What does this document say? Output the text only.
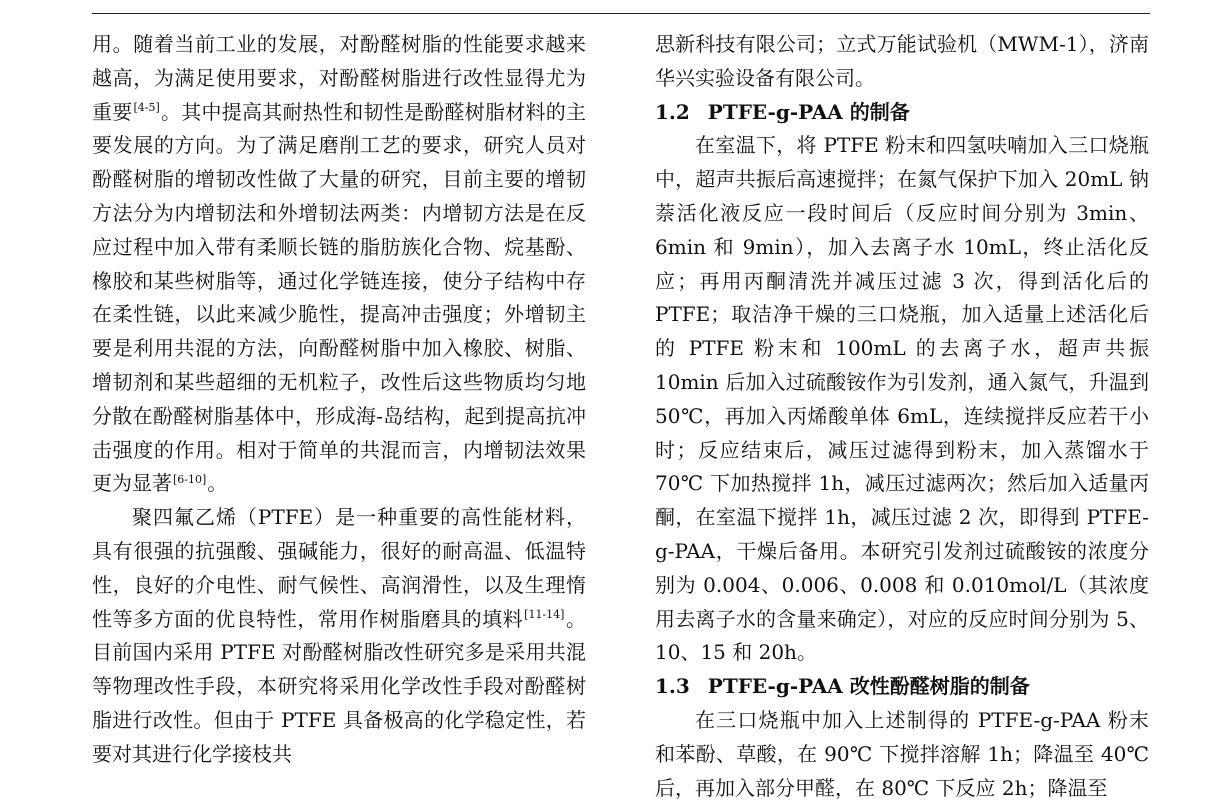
用。随着当前工业的发展，对酚醛树脂的性能要求越来越高，为满足使用要求，对酚醛树脂进行改性显得尤为重要[4-5]。其中提高其耐热性和韧性是酚醛树脂材料的主要发展的方向。为了满足磨削工艺的要求，研究人员对酚醛树脂的增韧改性做了大量的研究，目前主要的增韧方法分为内增韧法和外增韧法两类：内增韧方法是在反应过程中加入带有柔顺长链的脂肪族化合物、烷基酚、橡胶和某些树脂等，通过化学链连接，使分子结构中存在柔性链，以此来减少脆性，提高冲击强度；外增韧主要是利用共混的方法，向酚醛树脂中加入橡胶、树脂、增韧剂和某些超细的无机粒子，改性后这些物质均匀地分散在酚醛树脂基体中，形成海-岛结构，起到提高抗冲击强度的作用。相对于简单的共混而言，内增韧法效果更为显著[6-10]。

聚四氟乙烯（PTFE）是一种重要的高性能材料，具有很强的抗强酸、强碱能力，很好的耐高温、低温特性，良好的介电性、耐气候性、高润滑性，以及生理惰性等多方面的优良特性，常用作树脂磨具的填料[11-14]。目前国内采用 PTFE 对酚醛树脂改性研究多是采用共混等物理改性手段，本研究将采用化学改性手段对酚醛树脂进行改性。但由于 PTFE 具备极高的化学稳定性，若要对其进行化学接枝共

思新科技有限公司；立式万能试验机（MWM-1），济南华兴实验设备有限公司。

1.2 PTFE-g-PAA 的制备

在室温下，将 PTFE 粉末和四氢呋喃加入三口烧瓶中，超声共振后高速搅拌；在氮气保护下加入 20mL 钠萘活化液反应一段时间后（反应时间分别为 3min、6min 和 9min），加入去离子水 10mL，终止活化反应；再用丙酮清洗并减压过滤 3 次，得到活化后的 PTFE；取洁净干燥的三口烧瓶，加入适量上述活化后的 PTFE 粉末和 100mL 的去离子水，超声共振 10min 后加入过硫酸铵作为引发剂，通入氮气，升温到 50℃，再加入丙烯酸单体 6mL，连续搅拌反应若干小时；反应结束后，减压过滤得到粉末，加入蒸馏水于 70℃ 下加热搅拌 1h，减压过滤两次；然后加入适量丙酮，在室温下搅拌 1h，减压过滤 2 次，即得到 PTFE-g-PAA，干燥后备用。本研究引发剂过硫酸铵的浓度分别为 0.004、0.006、0.008 和 0.010mol/L（其浓度用去离子水的含量来确定），对应的反应时间分别为 5、10、15 和 20h。

1.3 PTFE-g-PAA 改性酚醛树脂的制备

在三口烧瓶中加入上述制得的 PTFE-g-PAA 粉末和苯酚、草酸，在 90℃ 下搅拌溶解 1h；降温至 40℃ 后，再加入部分甲醛，在 80℃ 下反应 2h；降温至
